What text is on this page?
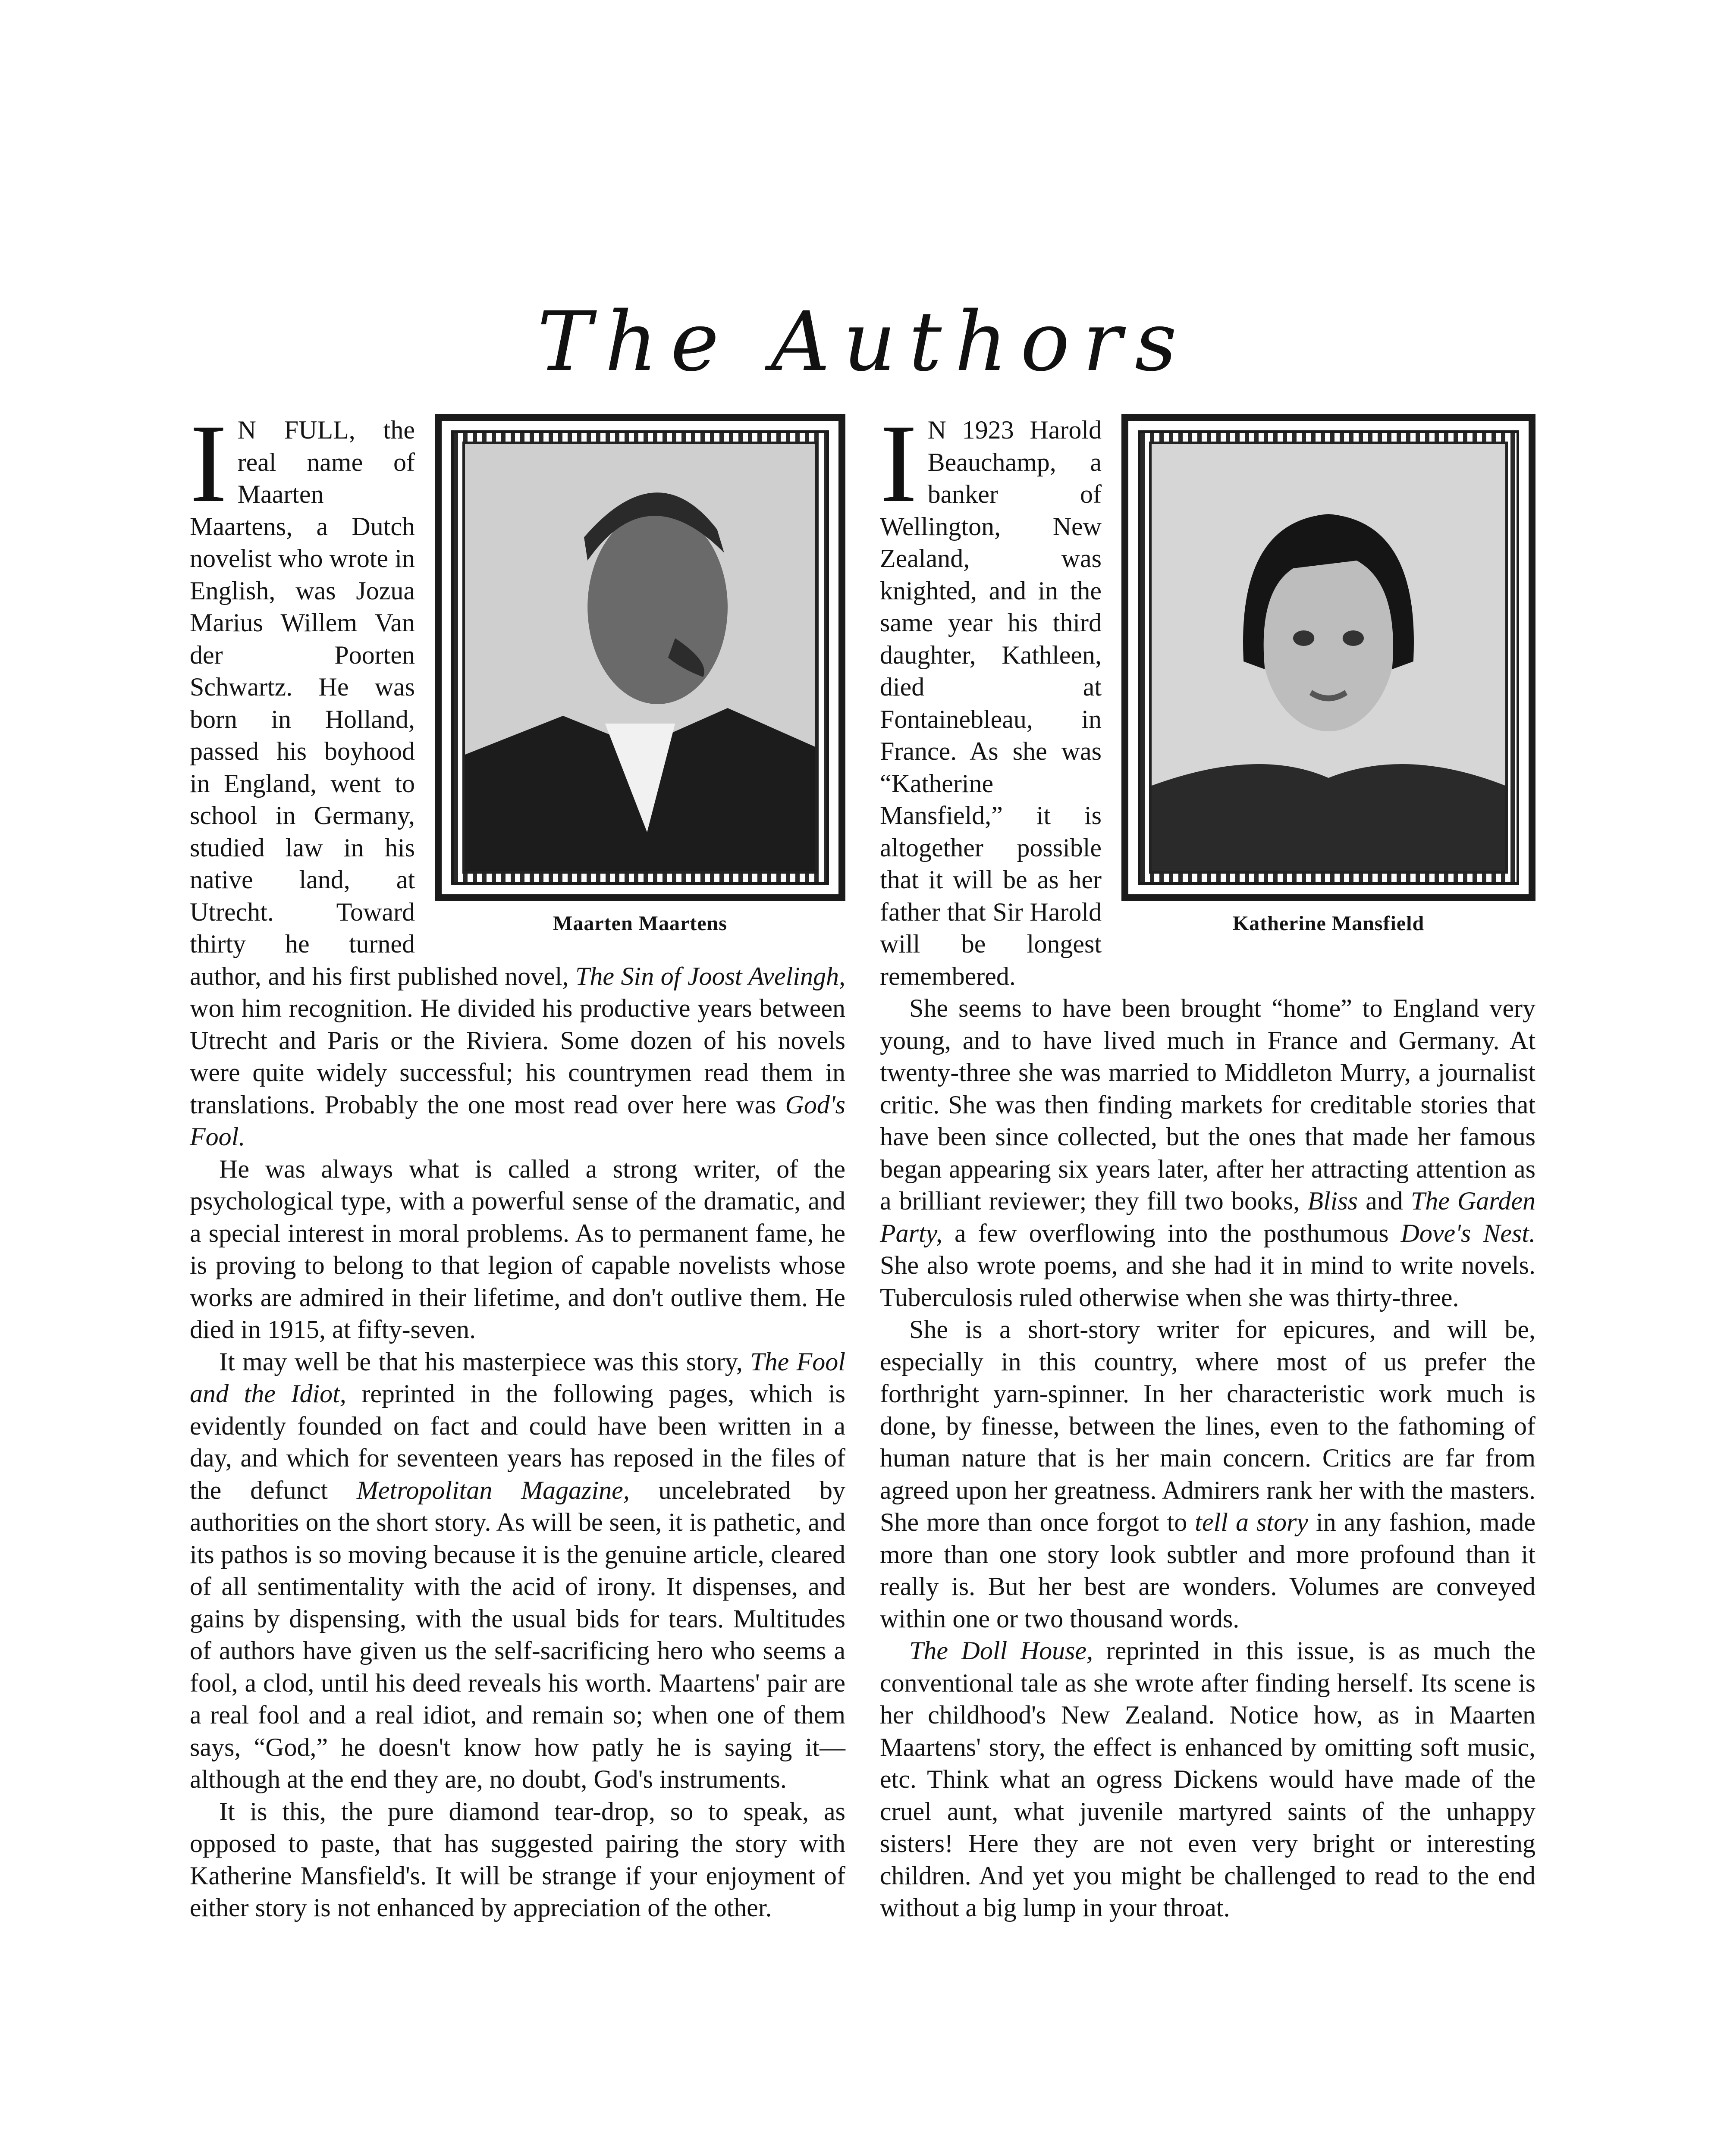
The Authors
Maarten Maartens

I N FULL, the real name of Maarten Maartens, a Dutch novelist who wrote in English, was Jozua Marius Willem Van der Poorten Schwartz. He was born in Holland, passed his boyhood in England, went to school in Germany, studied law in his native land, at Utrecht. Toward thirty he turned author, and his first published novel, The Sin of Joost Avelingh, won him recognition. He divided his productive years between Utrecht and Paris or the Riviera. Some dozen of his novels were quite widely successful; his countrymen read them in translations. Probably the one most read over here was God's Fool.

He was always what is called a strong writer, of the psychological type, with a powerful sense of the dramatic, and a special interest in moral problems. As to permanent fame, he is proving to belong to that legion of capable novelists whose works are admired in their lifetime, and don't outlive them. He died in 1915, at fifty-seven.

It may well be that his masterpiece was this story, The Fool and the Idiot, reprinted in the following pages, which is evidently founded on fact and could have been written in a day, and which for seventeen years has reposed in the files of the defunct Metropolitan Magazine, uncelebrated by authorities on the short story. As will be seen, it is pathetic, and its pathos is so moving because it is the genuine article, cleared of all sentimentality with the acid of irony. It dispenses, and gains by dispensing, with the usual bids for tears. Multitudes of authors have given us the self-sacrificing hero who seems a fool, a clod, until his deed reveals his worth. Maartens' pair are a real fool and a real idiot, and remain so; when one of them says, “God,” he doesn't know how patly he is saying it—although at the end they are, no doubt, God's instruments.

It is this, the pure diamond tear-drop, so to speak, as opposed to paste, that has suggested pairing the story with Katherine Mansfield's. It will be strange if your enjoyment of either story is not enhanced by appreciation of the other.

Katherine Mansfield

I N 1923 Harold Beauchamp, a banker of Wellington, New Zealand, was knighted, and in the same year his third daughter, Kathleen, died at Fontainebleau, in France. As she was “Katherine Mansfield,” it is altogether possible that it will be as her father that Sir Harold will be longest remembered.

She seems to have been brought “home” to England very young, and to have lived much in France and Germany. At twenty-three she was married to Middleton Murry, a journalist critic. She was then finding markets for creditable stories that have been since collected, but the ones that made her famous began appearing six years later, after her attracting attention as a brilliant reviewer; they fill two books, Bliss and The Garden Party, a few overflowing into the posthumous Dove's Nest. She also wrote poems, and she had it in mind to write novels. Tuberculosis ruled otherwise when she was thirty-three.

She is a short-story writer for epicures, and will be, especially in this country, where most of us prefer the forthright yarn-spinner. In her characteristic work much is done, by finesse, between the lines, even to the fathoming of human nature that is her main concern. Critics are far from agreed upon her greatness. Admirers rank her with the masters. She more than once forgot to tell a story in any fashion, made more than one story look subtler and more profound than it really is. But her best are wonders. Volumes are conveyed within one or two thousand words.

The Doll House, reprinted in this issue, is as much the conventional tale as she wrote after finding herself. Its scene is her childhood's New Zealand. Notice how, as in Maarten Maartens' story, the effect is enhanced by omitting soft music, etc. Think what an ogress Dickens would have made of the cruel aunt, what juvenile martyred saints of the unhappy sisters! Here they are not even very bright or interesting children. And yet you might be challenged to read to the end without a big lump in your throat.
